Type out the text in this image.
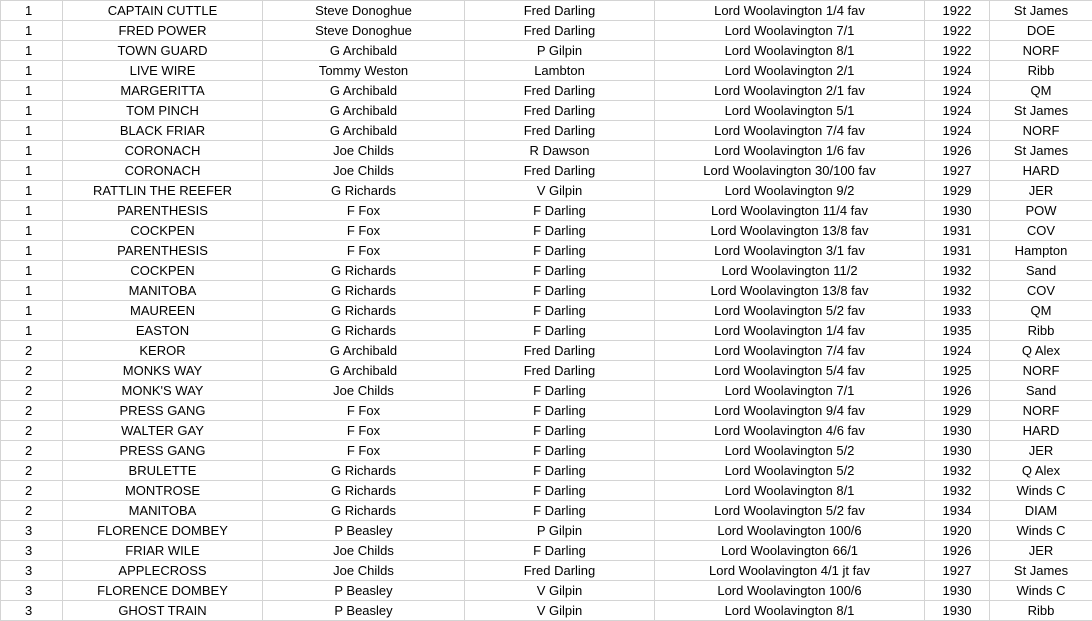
1	CAPTAIN CUTTLE	Steve Donoghue	Fred Darling	Lord Woolavington 1/4 fav	1922	St James
1	FRED POWER	Steve Donoghue	Fred Darling	Lord Woolavington 7/1	1922	DOE
1	TOWN GUARD	G Archibald	P Gilpin	Lord Woolavington 8/1	1922	NORF
1	LIVE WIRE	Tommy Weston	Lambton	Lord Woolavington 2/1	1924	Ribb
1	MARGERITTA	G Archibald	Fred Darling	Lord Woolavington 2/1 fav	1924	QM
1	TOM PINCH	G Archibald	Fred Darling	Lord Woolavington 5/1	1924	St James
1	BLACK FRIAR	G Archibald	Fred Darling	Lord Woolavington 7/4 fav	1924	NORF
1	CORONACH	Joe Childs	R Dawson	Lord Woolavington 1/6 fav	1926	St James
1	CORONACH	Joe Childs	Fred Darling	Lord Woolavington 30/100 fav	1927	HARD
1	RATTLIN THE REEFER	G Richards	V Gilpin	Lord Woolavington 9/2	1929	JER
1	PARENTHESIS	F Fox	F Darling	Lord Woolavington 11/4 fav	1930	POW
1	COCKPEN	F Fox	F Darling	Lord Woolavington 13/8 fav	1931	COV
1	PARENTHESIS	F Fox	F Darling	Lord Woolavington 3/1 fav	1931	Hampton
1	COCKPEN	G Richards	F Darling	Lord Woolavington 11/2	1932	Sand
1	MANITOBA	G Richards	F Darling	Lord Woolavington 13/8 fav	1932	COV
1	MAUREEN	G Richards	F Darling	Lord Woolavington 5/2 fav	1933	QM
1	EASTON	G Richards	F Darling	Lord Woolavington 1/4 fav	1935	Ribb
2	KEROR	G Archibald	Fred Darling	Lord Woolavington 7/4 fav	1924	Q Alex
2	MONKS WAY	G Archibald	Fred Darling	Lord Woolavington 5/4 fav	1925	NORF
2	MONK'S WAY	Joe Childs	F Darling	Lord Woolavington 7/1	1926	Sand
2	PRESS GANG	F Fox	F Darling	Lord Woolavington 9/4 fav	1929	NORF
2	WALTER GAY	F Fox	F Darling	Lord Woolavington 4/6 fav	1930	HARD
2	PRESS GANG	F Fox	F Darling	Lord Woolavington 5/2	1930	JER
2	BRULETTE	G Richards	F Darling	Lord Woolavington 5/2	1932	Q Alex
2	MONTROSE	G Richards	F Darling	Lord Woolavington 8/1	1932	Winds C
2	MANITOBA	G Richards	F Darling	Lord Woolavington 5/2 fav	1934	DIAM
3	FLORENCE DOMBEY	P Beasley	P Gilpin	Lord Woolavington 100/6	1920	Winds C
3	FRIAR WILE	Joe Childs	F Darling	Lord Woolavington 66/1	1926	JER
3	APPLECROSS	Joe Childs	Fred Darling	Lord Woolavington 4/1 jt fav	1927	St James
3	FLORENCE DOMBEY	P Beasley	V Gilpin	Lord Woolavington 100/6	1930	Winds C
3	GHOST TRAIN	P Beasley	V Gilpin	Lord Woolavington 8/1	1930	Ribb
